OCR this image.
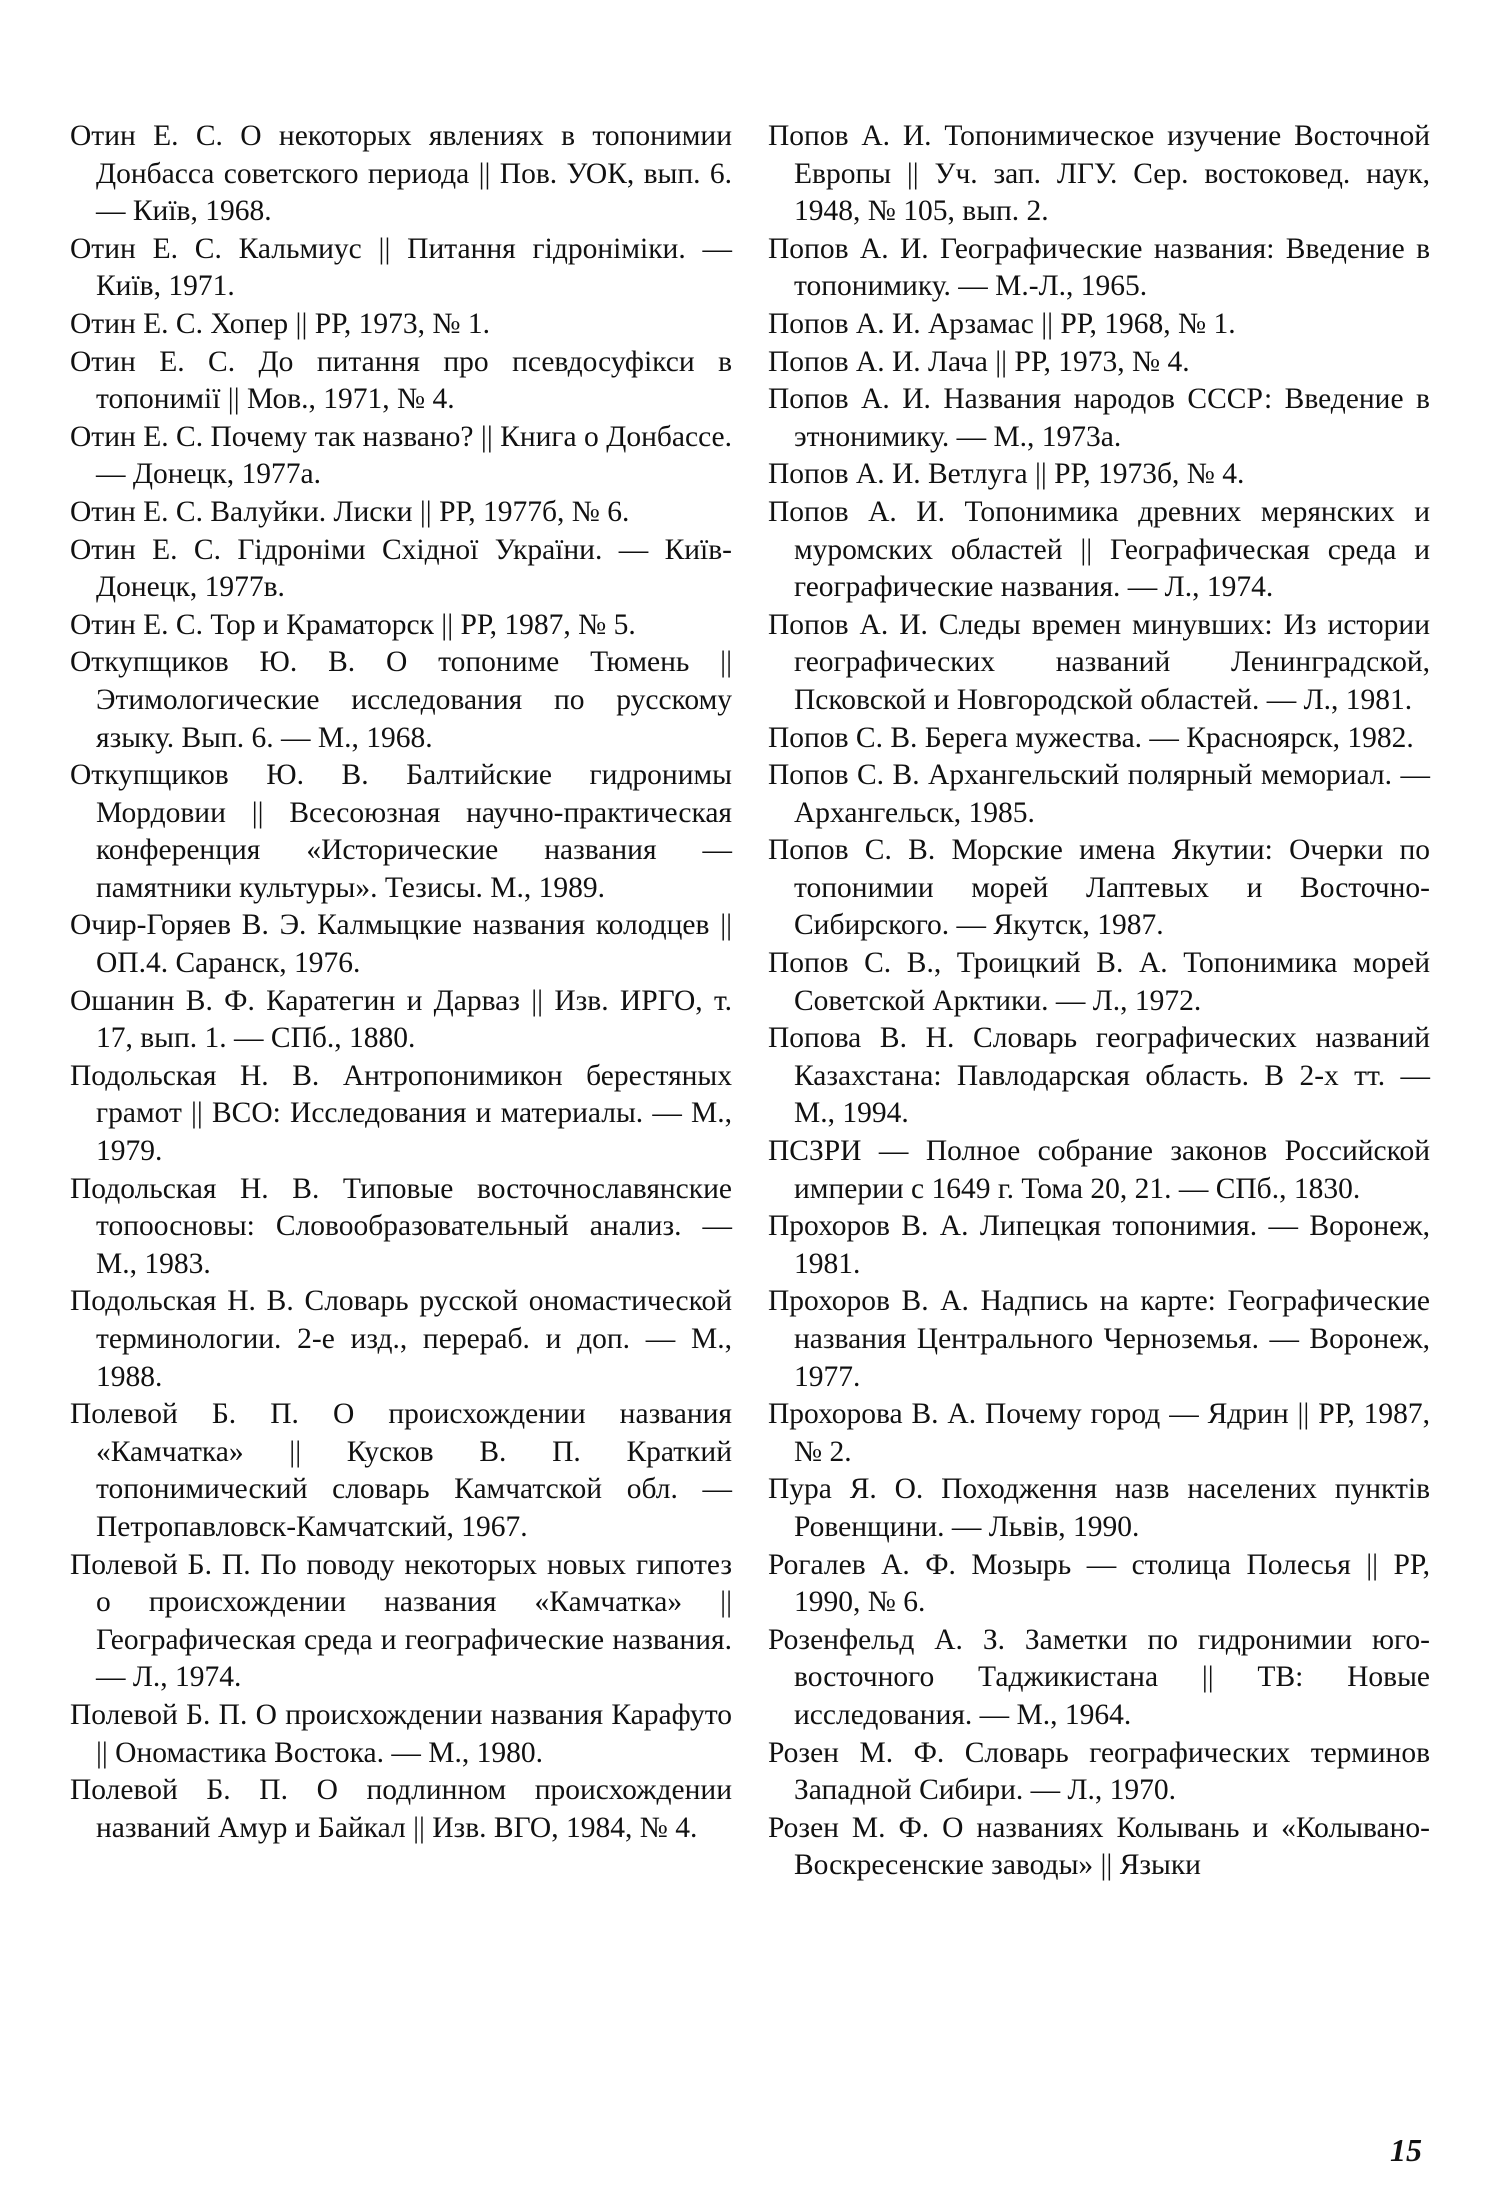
Отин Е. С. О некоторых явлениях в топонимии Донбасса советского периода || Пов. УОК, вып. 6. — Київ, 1968.

Отин Е. С. Кальмиус || Питання гідроніміки. — Київ, 1971.

Отин Е. С. Хопер || РР, 1973, № 1.

Отин Е. С. До питання про псевдосуфікси в топонимії || Мов., 1971, № 4.

Отин Е. С. Почему так названо? || Книга о Донбассе. — Донецк, 1977а.

Отин Е. С. Валуйки. Лиски || РР, 1977б, № 6.

Отин Е. С. Гідроніми Східної України. — Київ-Донецк, 1977в.

Отин Е. С. Тор и Краматорск || РР, 1987, № 5.

Откупщиков Ю. В. О топониме Тюмень || Этимологические исследования по русскому языку. Вып. 6. — М., 1968.

Откупщиков Ю. В. Балтийские гидронимы Мордовии || Всесоюзная научно-практическая конференция «Исторические названия — памятники культуры». Тезисы. М., 1989.

Очир-Горяев В. Э. Калмыцкие названия колодцев || ОП.4. Саранск, 1976.

Ошанин В. Ф. Каратегин и Дарваз || Изв. ИРГО, т. 17, вып. 1. — СПб., 1880.

Подольская Н. В. Антропонимикон берестяных грамот || ВСО: Исследования и материалы. — М., 1979.

Подольская Н. В. Типовые восточнославянские топоосновы: Словообразовательный анализ. — М., 1983.

Подольская Н. В. Словарь русской ономастической терминологии. 2-е изд., перераб. и доп. — М., 1988.

Полевой Б. П. О происхождении названия «Камчатка» || Кусков В. П. Краткий топонимический словарь Камчатской обл. — Петропавловск-Камчатский, 1967.

Полевой Б. П. По поводу некоторых новых гипотез о происхождении названия «Камчатка» || Географическая среда и географические названия. — Л., 1974.

Полевой Б. П. О происхождении названия Карафуто || Ономастика Востока. — М., 1980.

Полевой Б. П. О подлинном происхождении названий Амур и Байкал || Изв. ВГО, 1984, № 4.

Попов А. И. Топонимическое изучение Восточной Европы || Уч. зап. ЛГУ. Сер. востоковед. наук, 1948, № 105, вып. 2.

Попов А. И. Географические названия: Введение в топонимику. — М.-Л., 1965.

Попов А. И. Арзамас || РР, 1968, № 1.

Попов А. И. Лача || РР, 1973, № 4.

Попов А. И. Названия народов СССР: Введение в этнонимику. — М., 1973а.

Попов А. И. Ветлуга || РР, 1973б, № 4.

Попов А. И. Топонимика древних мерянских и муромских областей || Географическая среда и географические названия. — Л., 1974.

Попов А. И. Следы времен минувших: Из истории географических названий Ленинградской, Псковской и Новгородской областей. — Л., 1981.

Попов С. В. Берега мужества. — Красноярск, 1982.

Попов С. В. Архангельский полярный мемориал. — Архангельск, 1985.

Попов С. В. Морские имена Якутии: Очерки по топонимии морей Лаптевых и Восточно-Сибирского. — Якутск, 1987.

Попов С. В., Троицкий В. А. Топонимика морей Советской Арктики. — Л., 1972.

Попова В. Н. Словарь географических названий Казахстана: Павлодарская область. В 2-х тт. — М., 1994.

ПСЗРИ — Полное собрание законов Российской империи с 1649 г. Тома 20, 21. — СПб., 1830.

Прохоров В. А. Липецкая топонимия. — Воронеж, 1981.

Прохоров В. А. Надпись на карте: Географические названия Центрального Черноземья. — Воронеж, 1977.

Прохорова В. А. Почему город — Ядрин || РР, 1987, № 2.

Пура Я. О. Походження назв населених пунктів Ровенщини. — Львів, 1990.

Рогалев А. Ф. Мозырь — столица Полесья || РР, 1990, № 6.

Розенфельд А. З. Заметки по гидронимии юго-восточного Таджикистана || ТВ: Новые исследования. — М., 1964.

Розен М. Ф. Словарь географических терминов Западной Сибири. — Л., 1970.

Розен М. Ф. О названиях Колывань и «Колывано-Воскресенские заводы» || Языки

15
